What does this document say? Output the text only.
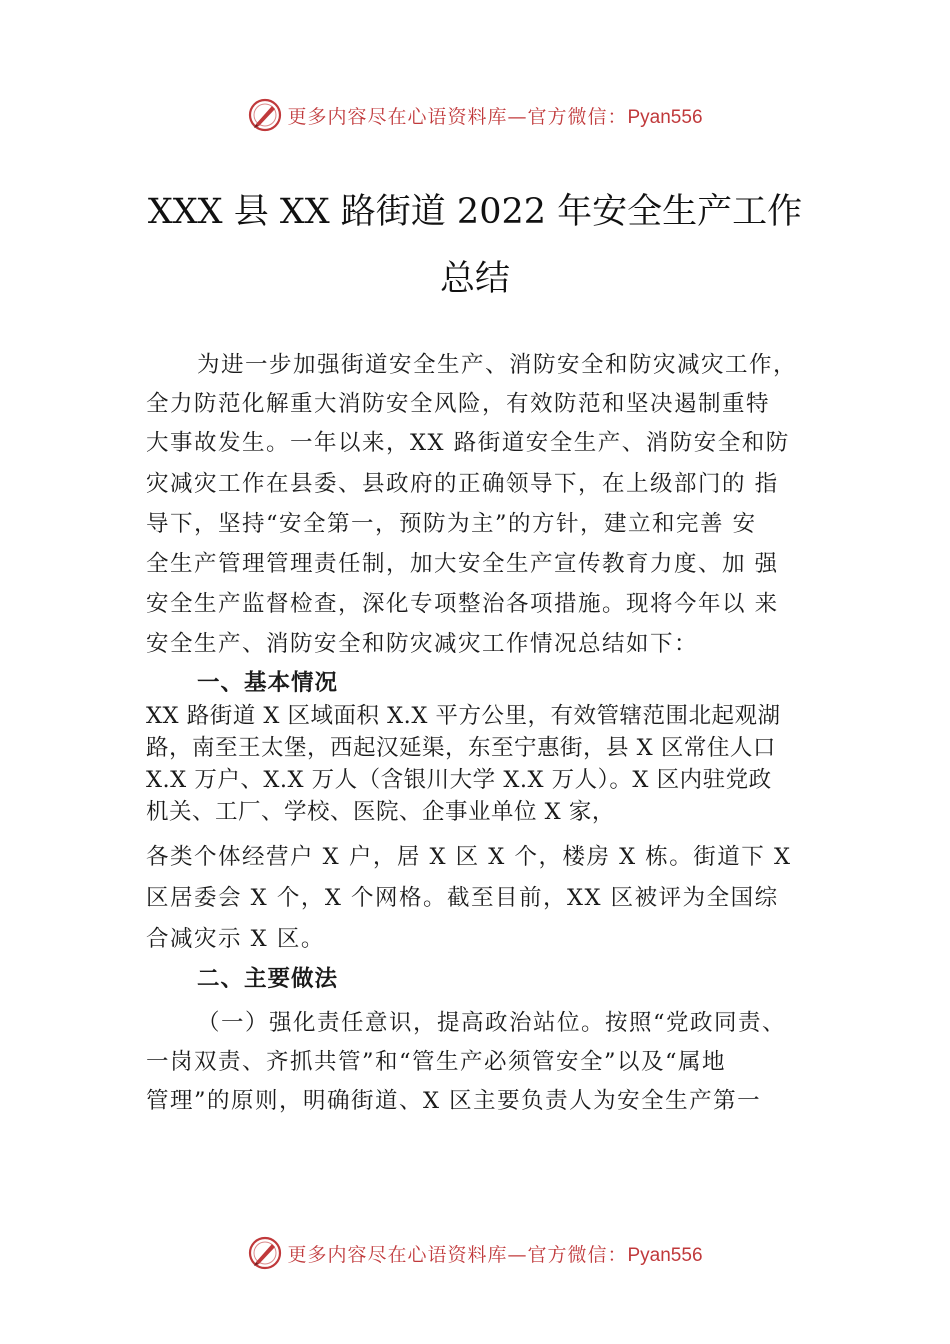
更多内容尽在心语资料库—官方微信：Pyan556
XXX 县 XX 路街道 2022 年安全生产工作
总结
为进一步加强街道安全生产、消防安全和防灾减灾工作，
全力防范化解重大消防安全风险，有效防范和坚决遏制重特
大事故发生。一年以来，XX 路街道安全生产、消防安全和防
灾减灾工作在县委、县政府的正确领导下，在上级部门的 指
导下，坚持“安全第一，预防为主”的方针，建立和完善 安
全生产管理管理责任制，加大安全生产宣传教育力度、加 强
安全生产监督检查，深化专项整治各项措施。现将今年以 来
安全生产、消防安全和防灾减灾工作情况总结如下：
一、基本情况
XX 路街道 X 区域面积 X.X 平方公里，有效管辖范围北起观湖
路，南至王太堡，西起汉延渠，东至宁惠街，县 X 区常住人口
X.X 万户、X.X 万人（含银川大学 X.X 万人）。X 区内驻党政
机关、工厂、学校、医院、企事业单位 X 家，
各类个体经营户 X 户，居 X 区 X 个，楼房 X 栋。街道下 X
区居委会 X 个，X 个网格。截至目前，XX 区被评为全国综
合减灾示 X 区。
二、主要做法
（一）强化责任意识，提高政治站位。按照“党政同责、
一岗双责、齐抓共管”和“管生产必须管安全”以及“属地
管理”的原则，明确街道、X 区主要负责人为安全生产第一
更多内容尽在心语资料库—官方微信：Pyan556
